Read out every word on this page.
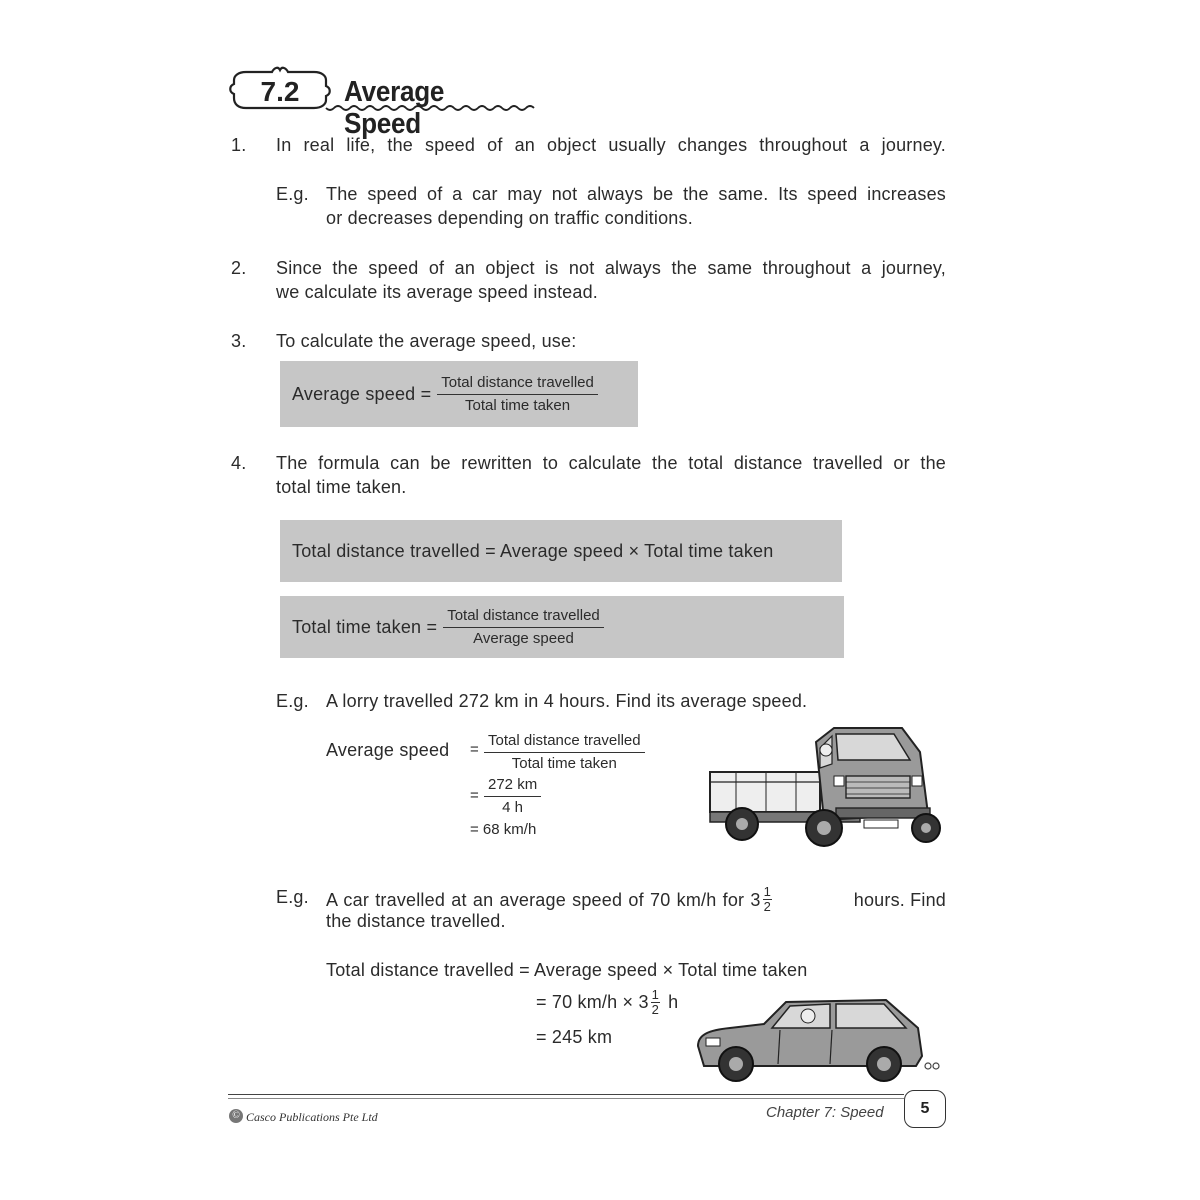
7.2 Average Speed
1. In real life, the speed of an object usually changes throughout a journey.
E.g. The speed of a car may not always be the same. Its speed increases
or decreases depending on traffic conditions.
2. Since the speed of an object is not always the same throughout a journey,
we calculate its average speed instead.
3. To calculate the average speed, use:
Average speed = $\frac{\text{Total distance travelled}}{\text{Total time taken}}$
4. The formula can be rewritten to calculate the total distance travelled or the
total time taken.
Total distance travelled = Average speed × Total time taken
Total time taken = $\frac{\text{Total distance travelled}}{\text{Average speed}}$
E.g. A lorry travelled 272 km in 4 hours. Find its average speed.
Average speed =
Total distance travelled
Total time taken
= $\frac{272 km}{4 h}$
= 68 km/h
E.g. A car travelled at an average speed of 70 km/h for $3 \frac{1}{2}$	hours. Find
the distance travelled.
Total distance travelled = Average speed × Total time taken
= 70 $km/h \times 3 \frac{1}{2}$ h
= 245 km
© Casco Publications Pte Ltd	Chapter 7: Speed 5
